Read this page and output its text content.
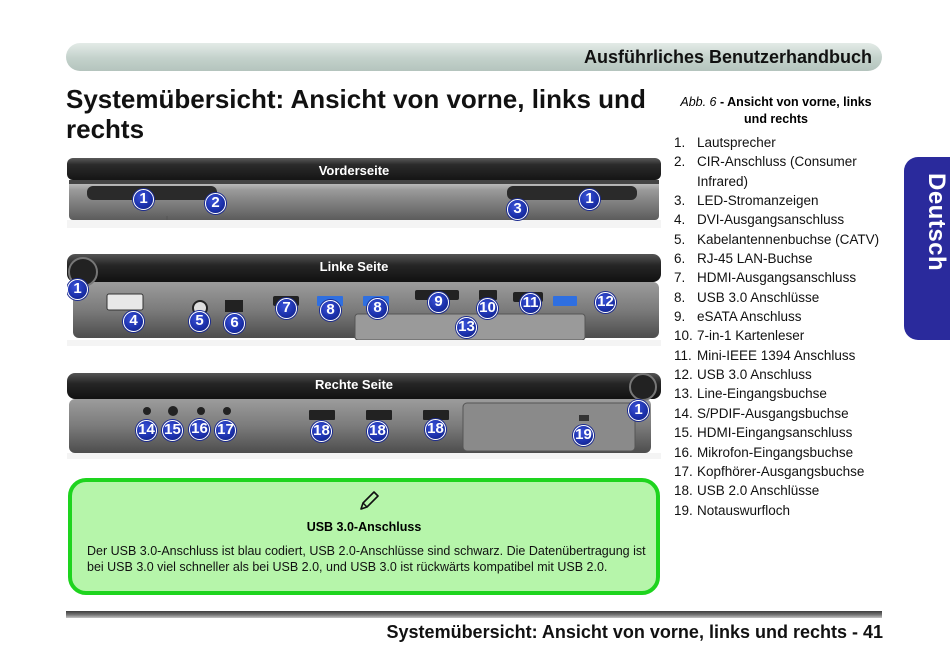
Ausführliches Benutzerhandbuch
Deutsch
Systemübersicht: Ansicht von vorne, links und rechts
Abb. 6 - Ansicht von vorne, links und rechts
1. Lautsprecher
2. CIR-Anschluss (Consumer Infrared)
3. LED-Stromanzeigen
4. DVI-Ausgangsanschluss
5. Kabelantennenbuchse (CATV)
6. RJ-45 LAN-Buchse
7. HDMI-Ausgangsanschluss
8. USB 3.0 Anschlüsse
9. eSATA Anschluss
10. 7-in-1 Kartenleser
11. Mini-IEEE 1394 Anschluss
12. USB 3.0 Anschluss
13. Line-Eingangsbuchse
14. S/PDIF-Ausgangsbuchse
15. HDMI-Eingangsanschluss
16. Mikrofon-Eingangsbuchse
17. Kopfhörer-Ausgangsbuchse
18. USB 2.0 Anschlüsse
19. Notauswurfloch
Vorderseite
1	2	3
1
Linke Seite
1
4	5	6
7	8	8	9	10 11	12
13
Rechte Seite
14 15 16 17	18	18	18
1
19
USB 3.0-Anschluss
Der USB 3.0-Anschluss ist blau codiert, USB 2.0-Anschlüsse sind schwarz. Die Datenübertragung ist bei USB 3.0 viel schneller als bei USB 2.0, und USB 3.0 ist rückwärts kompatibel mit USB 2.0.
Systemübersicht: Ansicht von vorne, links und rechts - 41
